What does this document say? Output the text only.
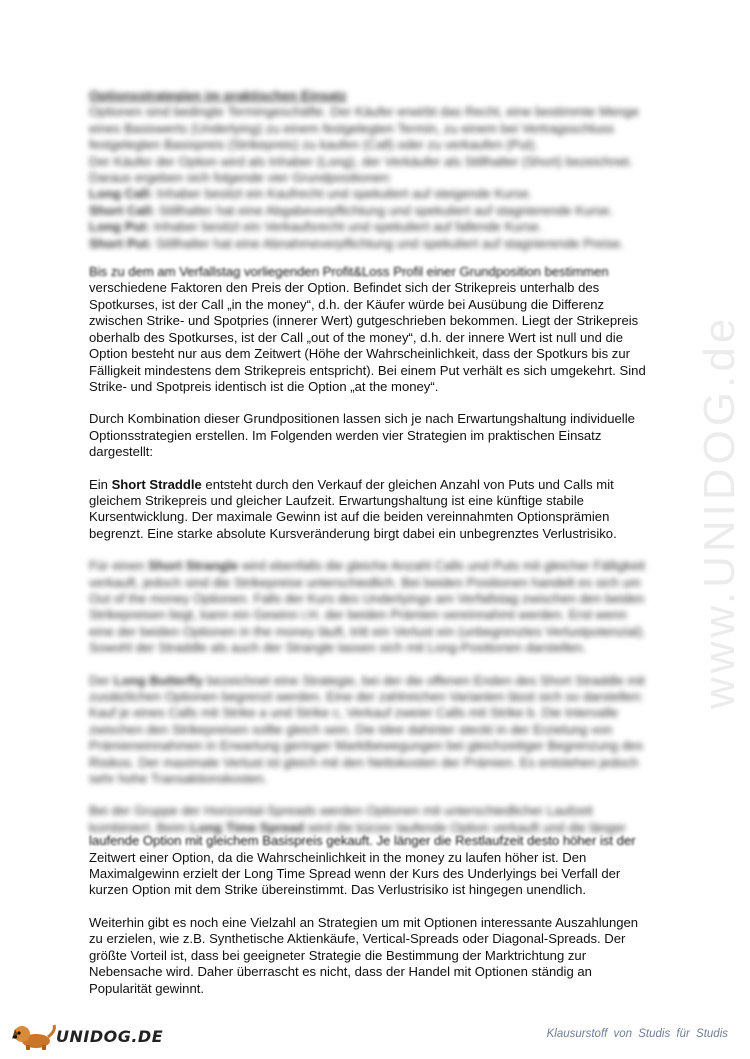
Optionsstrategien im praktischen Einsatz

Optionen sind bedingte Termingeschäfte. Der Käufer erwirbt das Recht, eine bestimmte Menge

eines Basiswerts (Underlying) zu einem festgelegten Termin, zu einem bei Vertragsschluss

festgelegten Basispreis (Strikepreis) zu kaufen (Call) oder zu verkaufen (Put).

Der Käufer der Option wird als Inhaber (Long), der Verkäufer als Stillhalter (Short) bezeichnet.

Daraus ergeben sich folgende vier Grundpositionen:

Long Call: Inhaber besitzt ein Kaufrecht und spekuliert auf steigende Kurse.

Short Call: Stillhalter hat eine Abgabeverpflichtung und spekuliert auf stagnierende Kurse.

Long Put: Inhaber besitzt ein Verkaufsrecht und spekuliert auf fallende Kurse.

Short Put: Stillhalter hat eine Abnahmeverpflichtung und spekuliert auf stagnierende Preise.

Bis zu dem am Verfallstag vorliegenden Profit&Loss Profil einer Grundposition bestimmen

verschiedene Faktoren den Preis der Option. Befindet sich der Strikepreis unterhalb des

Spotkurses, ist der Call „in the money“, d.h. der Käufer würde bei Ausübung die Differenz

zwischen Strike- und Spotpries (innerer Wert) gutgeschrieben bekommen. Liegt der Strikepreis

oberhalb des Spotkurses, ist der Call „out of the money“, d.h. der innere Wert ist null und die

Option besteht nur aus dem Zeitwert (Höhe der Wahrscheinlichkeit, dass der Spotkurs bis zur

Fälligkeit mindestens dem Strikepreis entspricht). Bei einem Put verhält es sich umgekehrt. Sind

Strike- und Spotpreis identisch ist die Option „at the money“.

Durch Kombination dieser Grundpositionen lassen sich je nach Erwartungshaltung individuelle

Optionsstrategien erstellen. Im Folgenden werden vier Strategien im praktischen Einsatz

dargestellt:

Ein Short Straddle entsteht durch den Verkauf der gleichen Anzahl von Puts und Calls mit

gleichem Strikepreis und gleicher Laufzeit. Erwartungshaltung ist eine künftige stabile

Kursentwicklung. Der maximale Gewinn ist auf die beiden vereinnahmten Optionsprämien

begrenzt. Eine starke absolute Kursveränderung birgt dabei ein unbegrenztes Verlustrisiko.

Für einen Short Strangle wird ebenfalls die gleiche Anzahl Calls und Puts mit gleicher Fälligkeit

verkauft, jedoch sind die Strikepreise unterschiedlich. Bei beiden Positionen handelt es sich um

Out of the money Optionen. Falls der Kurs des Underlyings am Verfallstag zwischen den beiden

Strikepreisen liegt, kann ein Gewinn i.H. der beiden Prämien vereinnahmt werden. Erst wenn

eine der beiden Optionen in the money läuft, tritt ein Verlust ein (unbegrenztes Verlustpotenzial).

Sowohl der Straddle als auch der Strangle lassen sich mit Long-Positionen darstellen.

Der Long Butterfly bezeichnet eine Strategie, bei der die offenen Enden des Short Straddle mit

zusätzlichen Optionen begrenzt werden. Eine der zahlreichen Varianten lässt sich so darstellen:

Kauf je eines Calls mit Strike a und Strike c, Verkauf zweier Calls mit Strike b. Die Intervalle

zwischen den Strikepreisen sollte gleich sein. Die Idee dahinter steckt in der Erzielung von

Prämieneinnahmen in Erwartung geringer Marktbewegungen bei gleichzeitiger Begrenzung des

Risikos. Der maximale Verlust ist gleich mit den Nettokosten der Prämien. Es entstehen jedoch

sehr hohe Transaktionskosten.

Bei der Gruppe der Horizontal-Spreads werden Optionen mit unterschiedlicher Laufzeit

kombiniert. Beim Long Time Spread wird die kürzer laufende Option verkauft und die länger

laufende Option mit gleichem Basispreis gekauft. Je länger die Restlaufzeit desto höher ist der

Zeitwert einer Option, da die Wahrscheinlichkeit in the money zu laufen höher ist. Den

Maximalgewinn erzielt der Long Time Spread wenn der Kurs des Underlyings bei Verfall der

kurzen Option mit dem Strike übereinstimmt. Das Verlustrisiko ist hingegen unendlich.

Weiterhin gibt es noch eine Vielzahl an Strategien um mit Optionen interessante Auszahlungen

zu erzielen, wie z.B. Synthetische Aktienkäufe, Vertical-Spreads oder Diagonal-Spreads. Der

größte Vorteil ist, dass bei geeigneter Strategie die Bestimmung der Marktrichtung zur

Nebensache wird. Daher überrascht es nicht, dass der Handel mit Optionen ständig an

Popularität gewinnt.

www.UNIDOG.de
UNIDOG.DE	Klausurstoff von Studis für Studis
